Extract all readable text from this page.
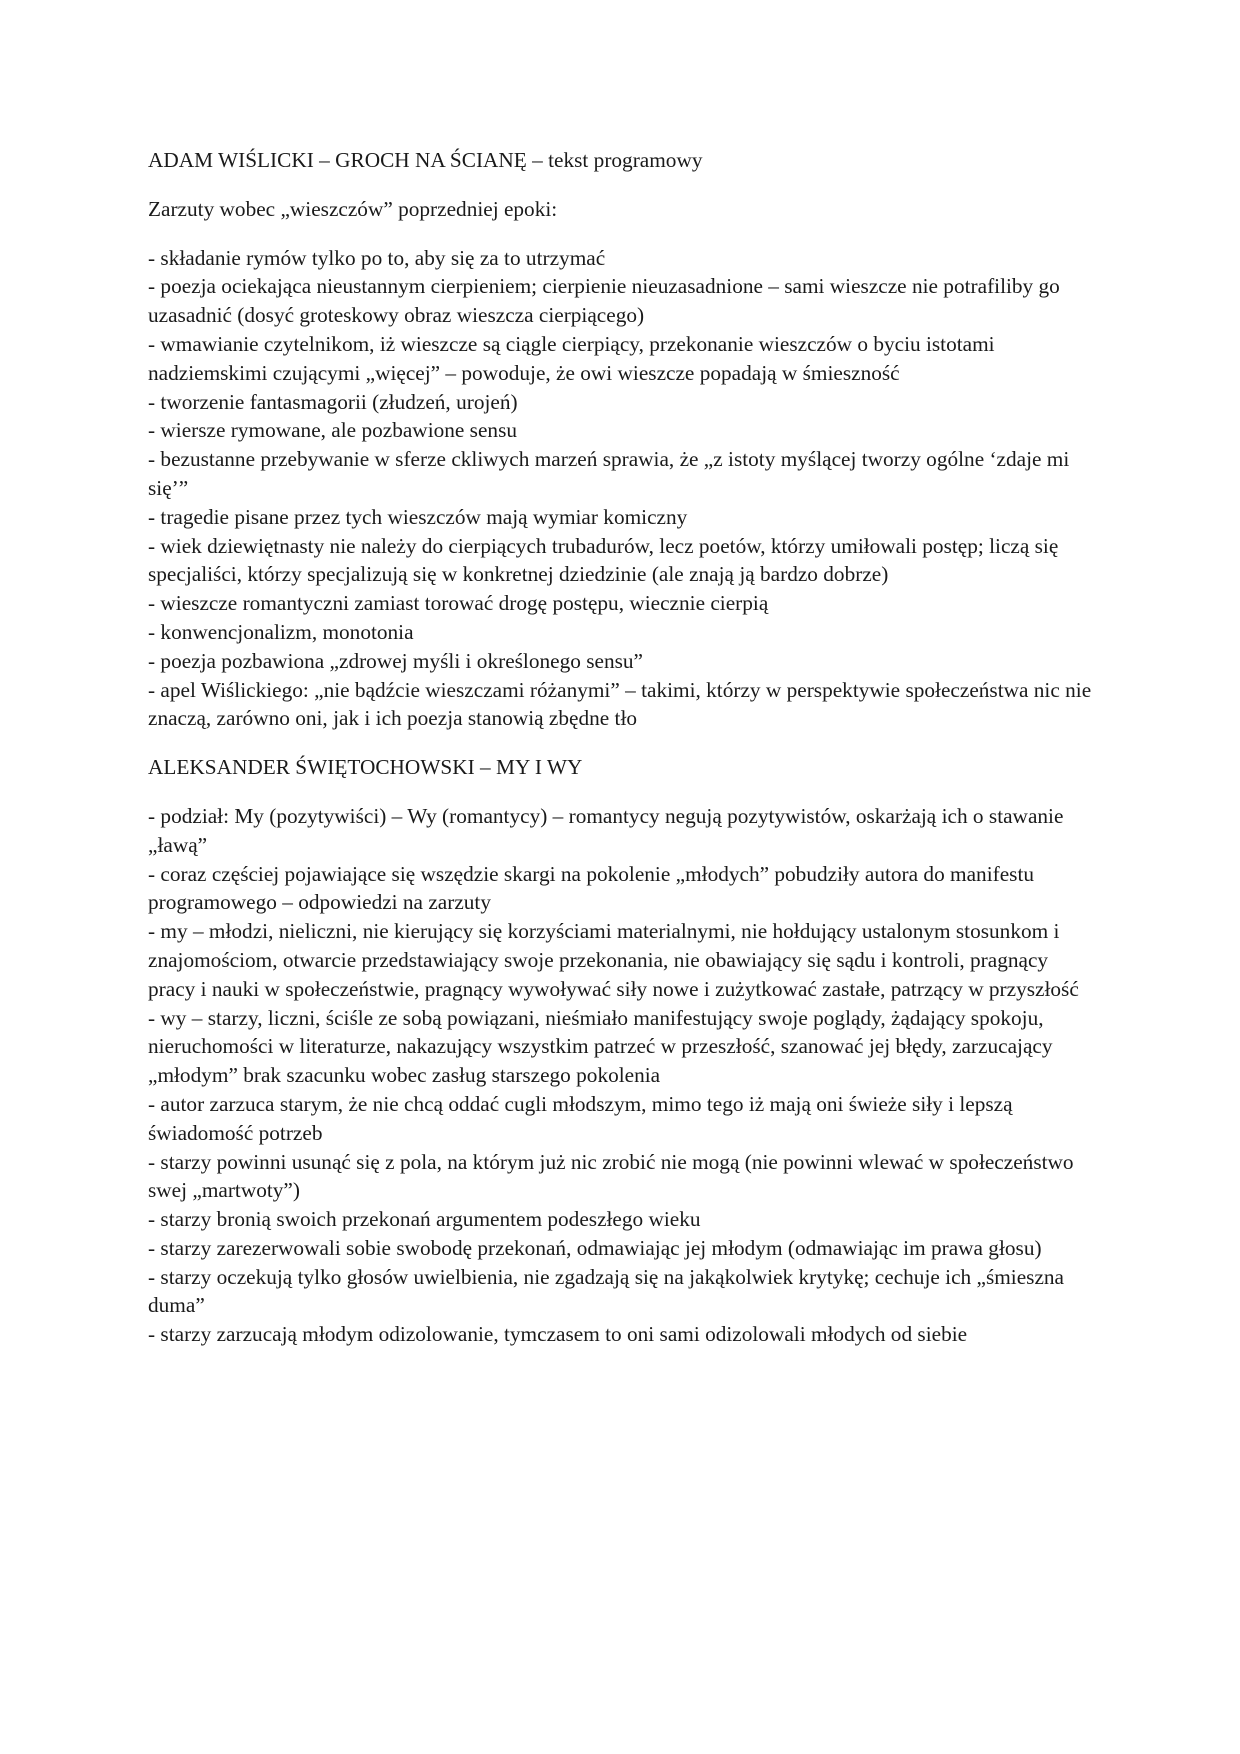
ADAM WIŚLICKI – GROCH NA ŚCIANĘ – tekst programowy

Zarzuty wobec „wieszczów” poprzedniej epoki:

- składanie rymów tylko po to, aby się za to utrzymać
- poezja ociekająca nieustannym cierpieniem; cierpienie nieuzasadnione – sami wieszcze nie potrafiliby go uzasadnić (dosyć groteskowy obraz wieszcza cierpiącego)
- wmawianie czytelnikom, iż wieszcze są ciągle cierpiący, przekonanie wieszczów o byciu istotami nadziemskimi czującymi „więcej” – powoduje, że owi wieszcze popadają w śmieszność
- tworzenie fantasmagorii (złudzeń, urojeń)
- wiersze rymowane, ale pozbawione sensu
- bezustanne przebywanie w sferze ckliwych marzeń sprawia, że „z istoty myślącej tworzy ogólne ‘zdaje mi się’”
- tragedie pisane przez tych wieszczów mają wymiar komiczny
- wiek dziewiętnasty nie należy do cierpiących trubadurów, lecz poetów, którzy umiłowali postęp; liczą się specjaliści, którzy specjalizują się w konkretnej dziedzinie (ale znają ją bardzo dobrze)
- wieszcze romantyczni zamiast torować drogę postępu, wiecznie cierpią
- konwencjonalizm, monotonia
- poezja pozbawiona „zdrowej myśli i określonego sensu”
- apel Wiślickiego: „nie bądźcie wieszczami różanymi” – takimi, którzy w perspektywie społeczeństwa nic nie znaczą, zarówno oni, jak i ich poezja stanowią zbędne tło

ALEKSANDER ŚWIĘTOCHOWSKI – MY I WY

- podział: My (pozytywiści) – Wy (romantycy) – romantycy negują pozytywistów, oskarżają ich o stawanie „ławą”
- coraz częściej pojawiające się wszędzie skargi na pokolenie „młodych” pobudziły autora do manifestu programowego – odpowiedzi na zarzuty
- my – młodzi, nieliczni, nie kierujący się korzyściami materialnymi, nie hołdujący ustalonym stosunkom i znajomościom, otwarcie przedstawiający swoje przekonania, nie obawiający się sądu i kontroli, pragnący pracy i nauki w społeczeństwie, pragnący wywoływać siły nowe i zużytkować zastałe, patrzący w przyszłość
- wy – starzy, liczni, ściśle ze sobą powiązani, nieśmiało manifestujący swoje poglądy, żądający spokoju, nieruchomości w literaturze, nakazujący wszystkim patrzeć w przeszłość, szanować jej błędy, zarzucający „młodym” brak szacunku wobec zasług starszego pokolenia
- autor zarzuca starym, że nie chcą oddać cugli młodszym, mimo tego iż mają oni świeże siły i lepszą świadomość potrzeb
- starzy powinni usunąć się z pola, na którym już nic zrobić nie mogą (nie powinni wlewać w społeczeństwo swej „martwoty”)
- starzy bronią swoich przekonań argumentem podeszłego wieku
- starzy zarezerwowali sobie swobodę przekonań, odmawiając jej młodym (odmawiając im prawa głosu)
- starzy oczekują tylko głosów uwielbienia, nie zgadzają się na jakąkolwiek krytykę; cechuje ich „śmieszna duma”
- starzy zarzucają młodym odizolowanie, tymczasem to oni sami odizolowali młodych od siebie
